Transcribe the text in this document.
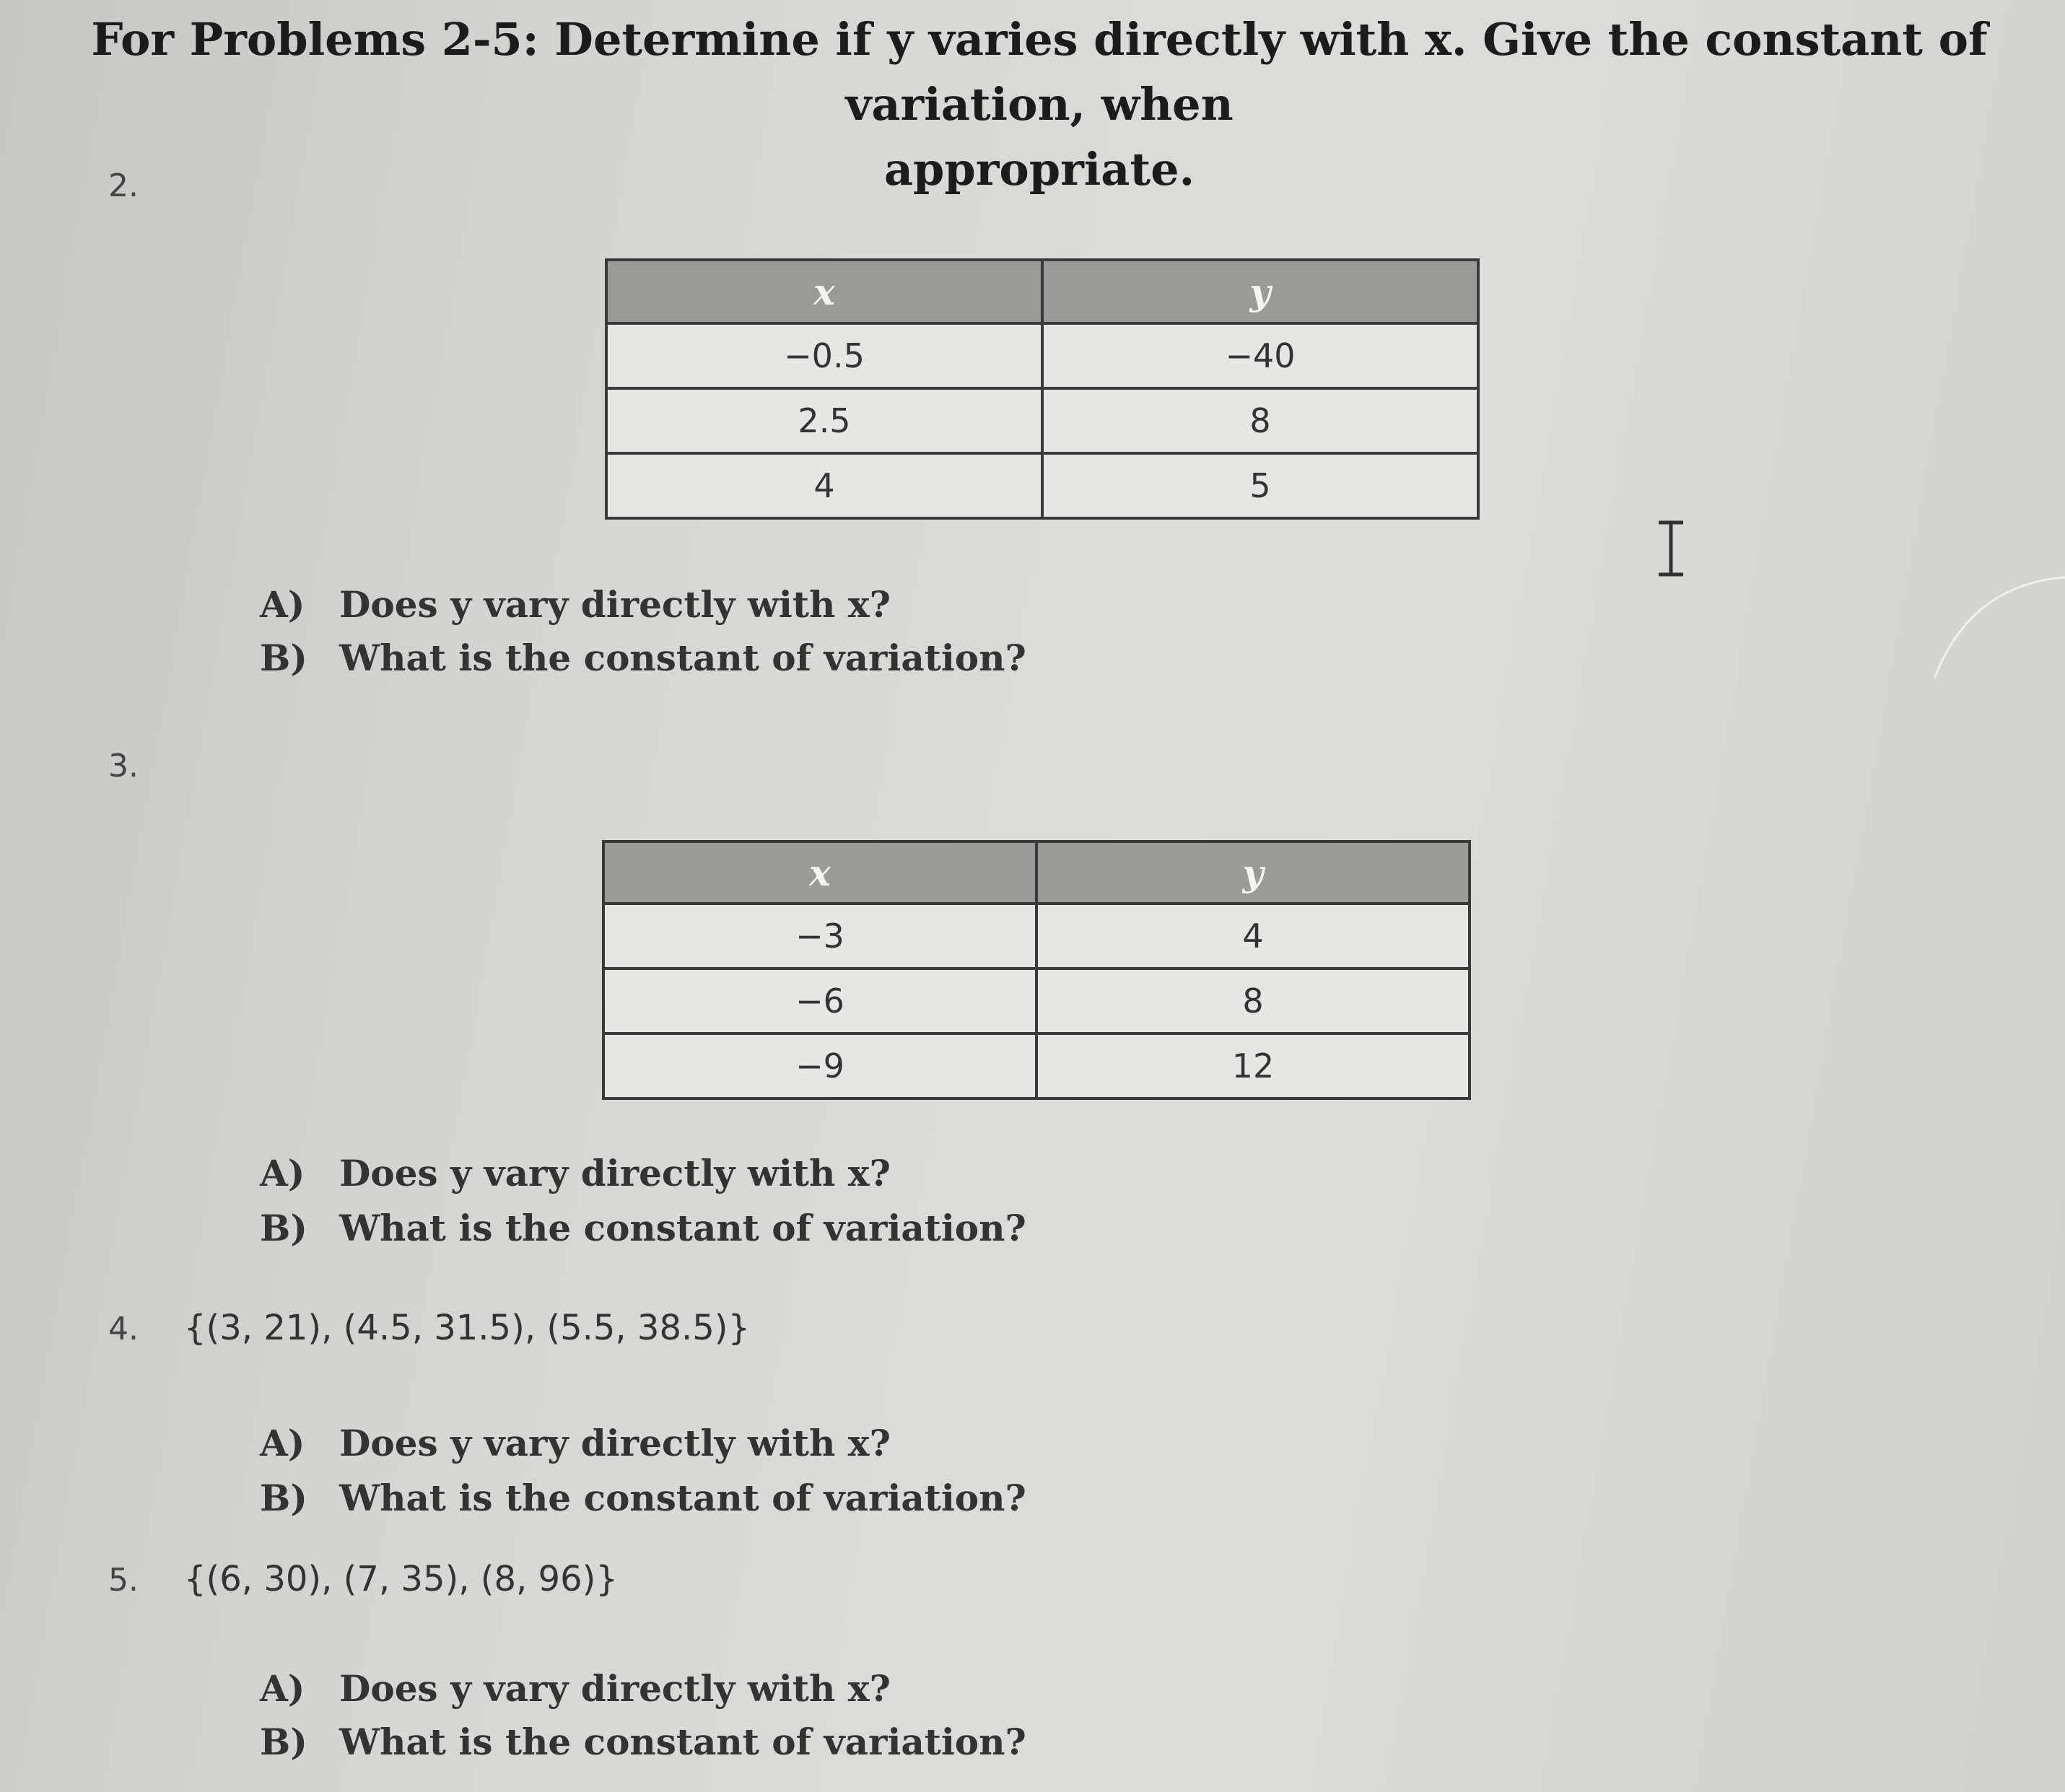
For Problems 2-5: Determine if y varies directly with x. Give the constant of variation, when
appropriate.
2.
x	y
−0.5	−40
2.5	8
4	5
A) Does y vary directly with x?
B) What is the constant of variation?
3.
x	y
−3	4
−6	8
−9	12
A) Does y vary directly with x?
B) What is the constant of variation?
4. {(3, 21), (4.5, 31.5), (5.5, 38.5)}
A) Does y vary directly with x?
B) What is the constant of variation?
5. {(6, 30), (7, 35), (8, 96)}
A) Does y vary directly with x?
B) What is the constant of variation?
